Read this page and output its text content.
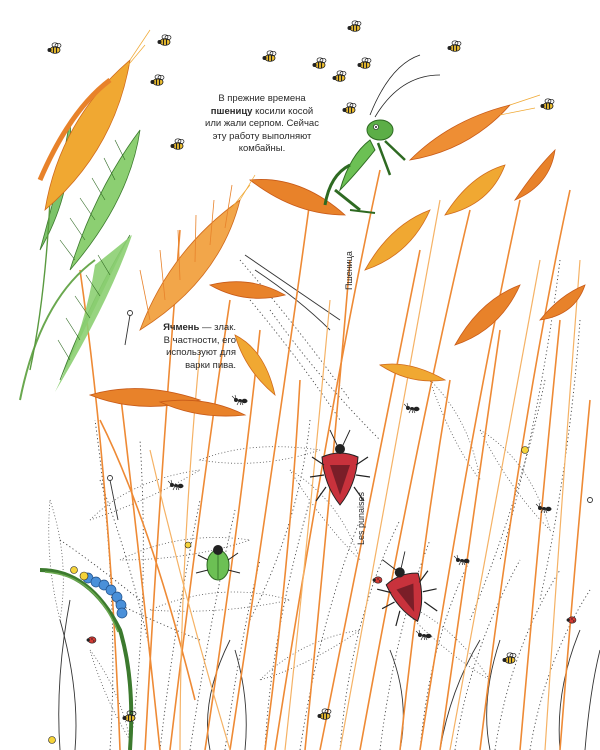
В прежние времена
пшеницу косили косой
или жали серпом. Сейчас
эту работу выполняют
комбайны.
Ячмень — злак.
В частности, его
используют для
варки пива.
Пшеница
Les punaises
